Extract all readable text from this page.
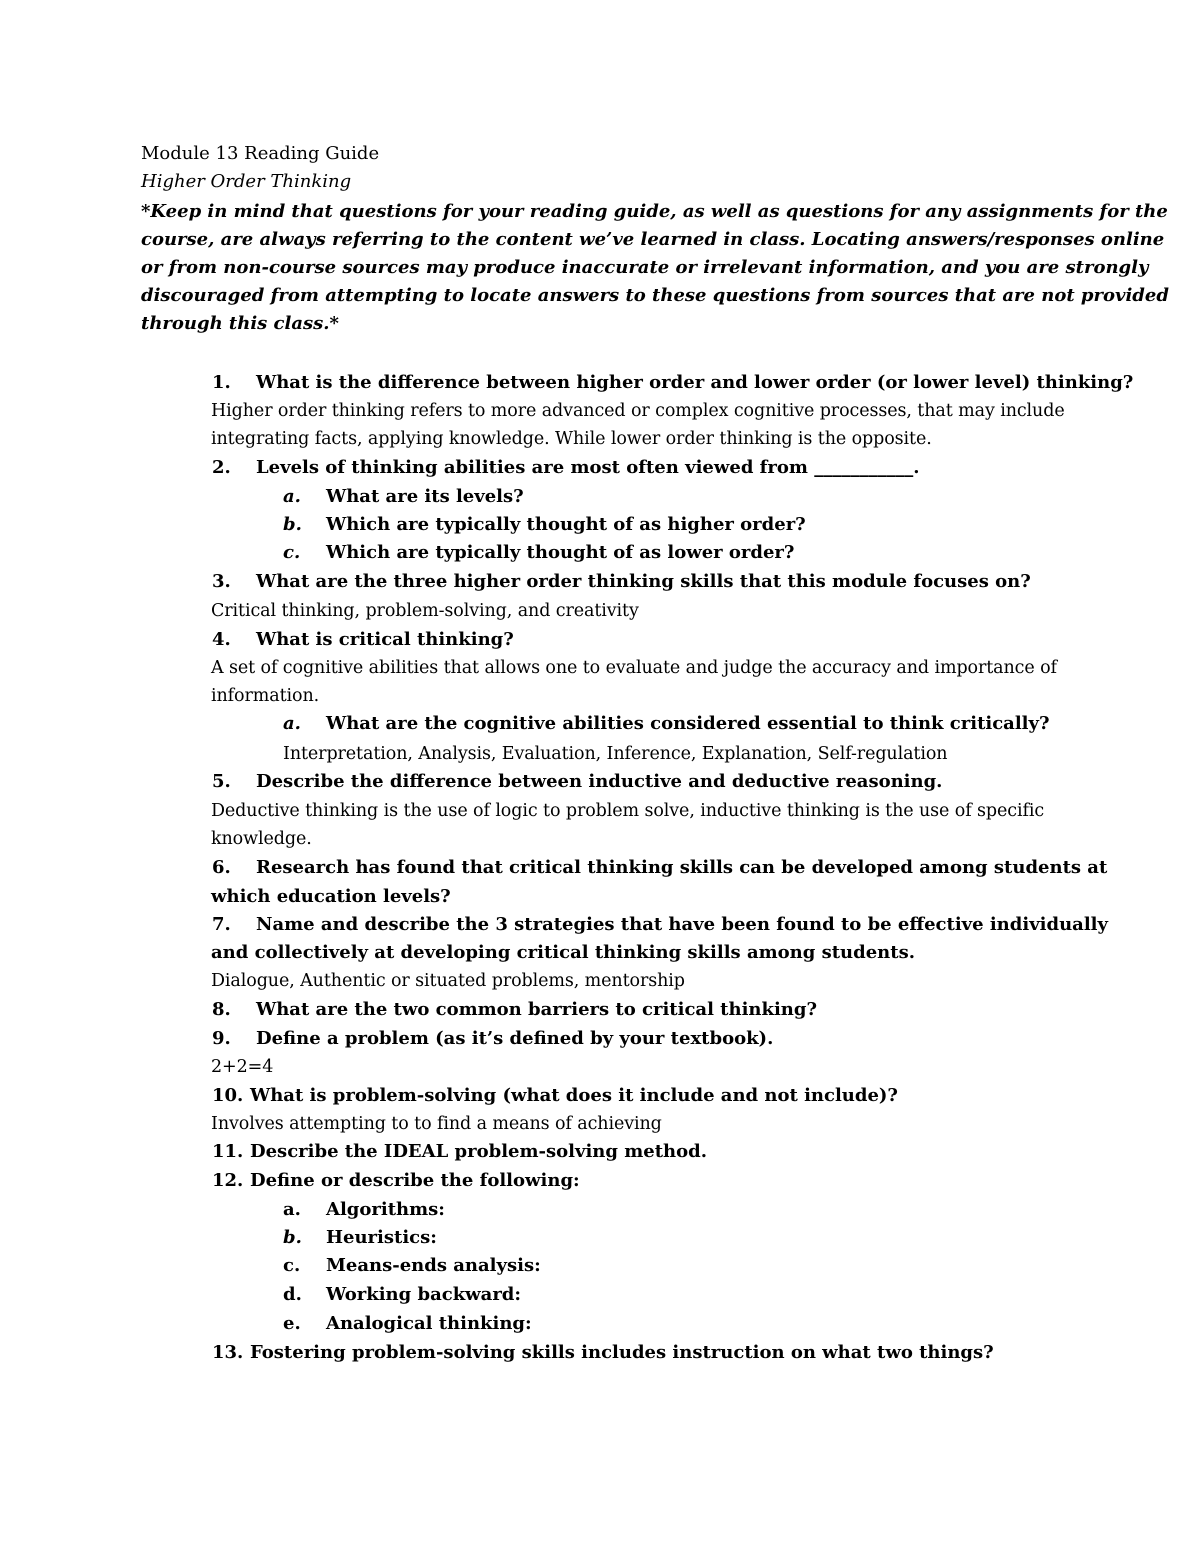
Module 13 Reading Guide
Higher Order Thinking
*Keep in mind that questions for your reading guide, as well as questions for any assignments for the
course, are always referring to the content we’ve learned in class. Locating answers/responses online
or from non-course sources may produce inaccurate or irrelevant information, and you are strongly
discouraged from attempting to locate answers to these questions from sources that are not provided
through this class.*
1. What is the difference between higher order and lower order (or lower level) thinking?
Higher order thinking refers to more advanced or complex cognitive processes, that may include
integrating facts, applying knowledge. While lower order thinking is the opposite.
2. Levels of thinking abilities are most often viewed from ___________.
a. What are its levels?
b. Which are typically thought of as higher order?
c. Which are typically thought of as lower order?
3. What are the three higher order thinking skills that this module focuses on?
Critical thinking, problem-solving, and creativity
4. What is critical thinking?
A set of cognitive abilities that allows one to evaluate and judge the accuracy and importance of
information.
a. What are the cognitive abilities considered essential to think critically?
Interpretation, Analysis, Evaluation, Inference, Explanation, Self-regulation
5. Describe the difference between inductive and deductive reasoning.
Deductive thinking is the use of logic to problem solve, inductive thinking is the use of specific
knowledge.
6. Research has found that critical thinking skills can be developed among students at
which education levels?
7. Name and describe the 3 strategies that have been found to be effective individually
and collectively at developing critical thinking skills among students.
Dialogue, Authentic or situated problems, mentorship
8. What are the two common barriers to critical thinking?
9. Define a problem (as it’s defined by your textbook).
2+2=4
10. What is problem-solving (what does it include and not include)?
Involves attempting to to find a means of achieving
11. Describe the IDEAL problem-solving method.
12. Define or describe the following:
a. Algorithms:
b. Heuristics:
c. Means-ends analysis:
d. Working backward:
e. Analogical thinking:
13. Fostering problem-solving skills includes instruction on what two things?
